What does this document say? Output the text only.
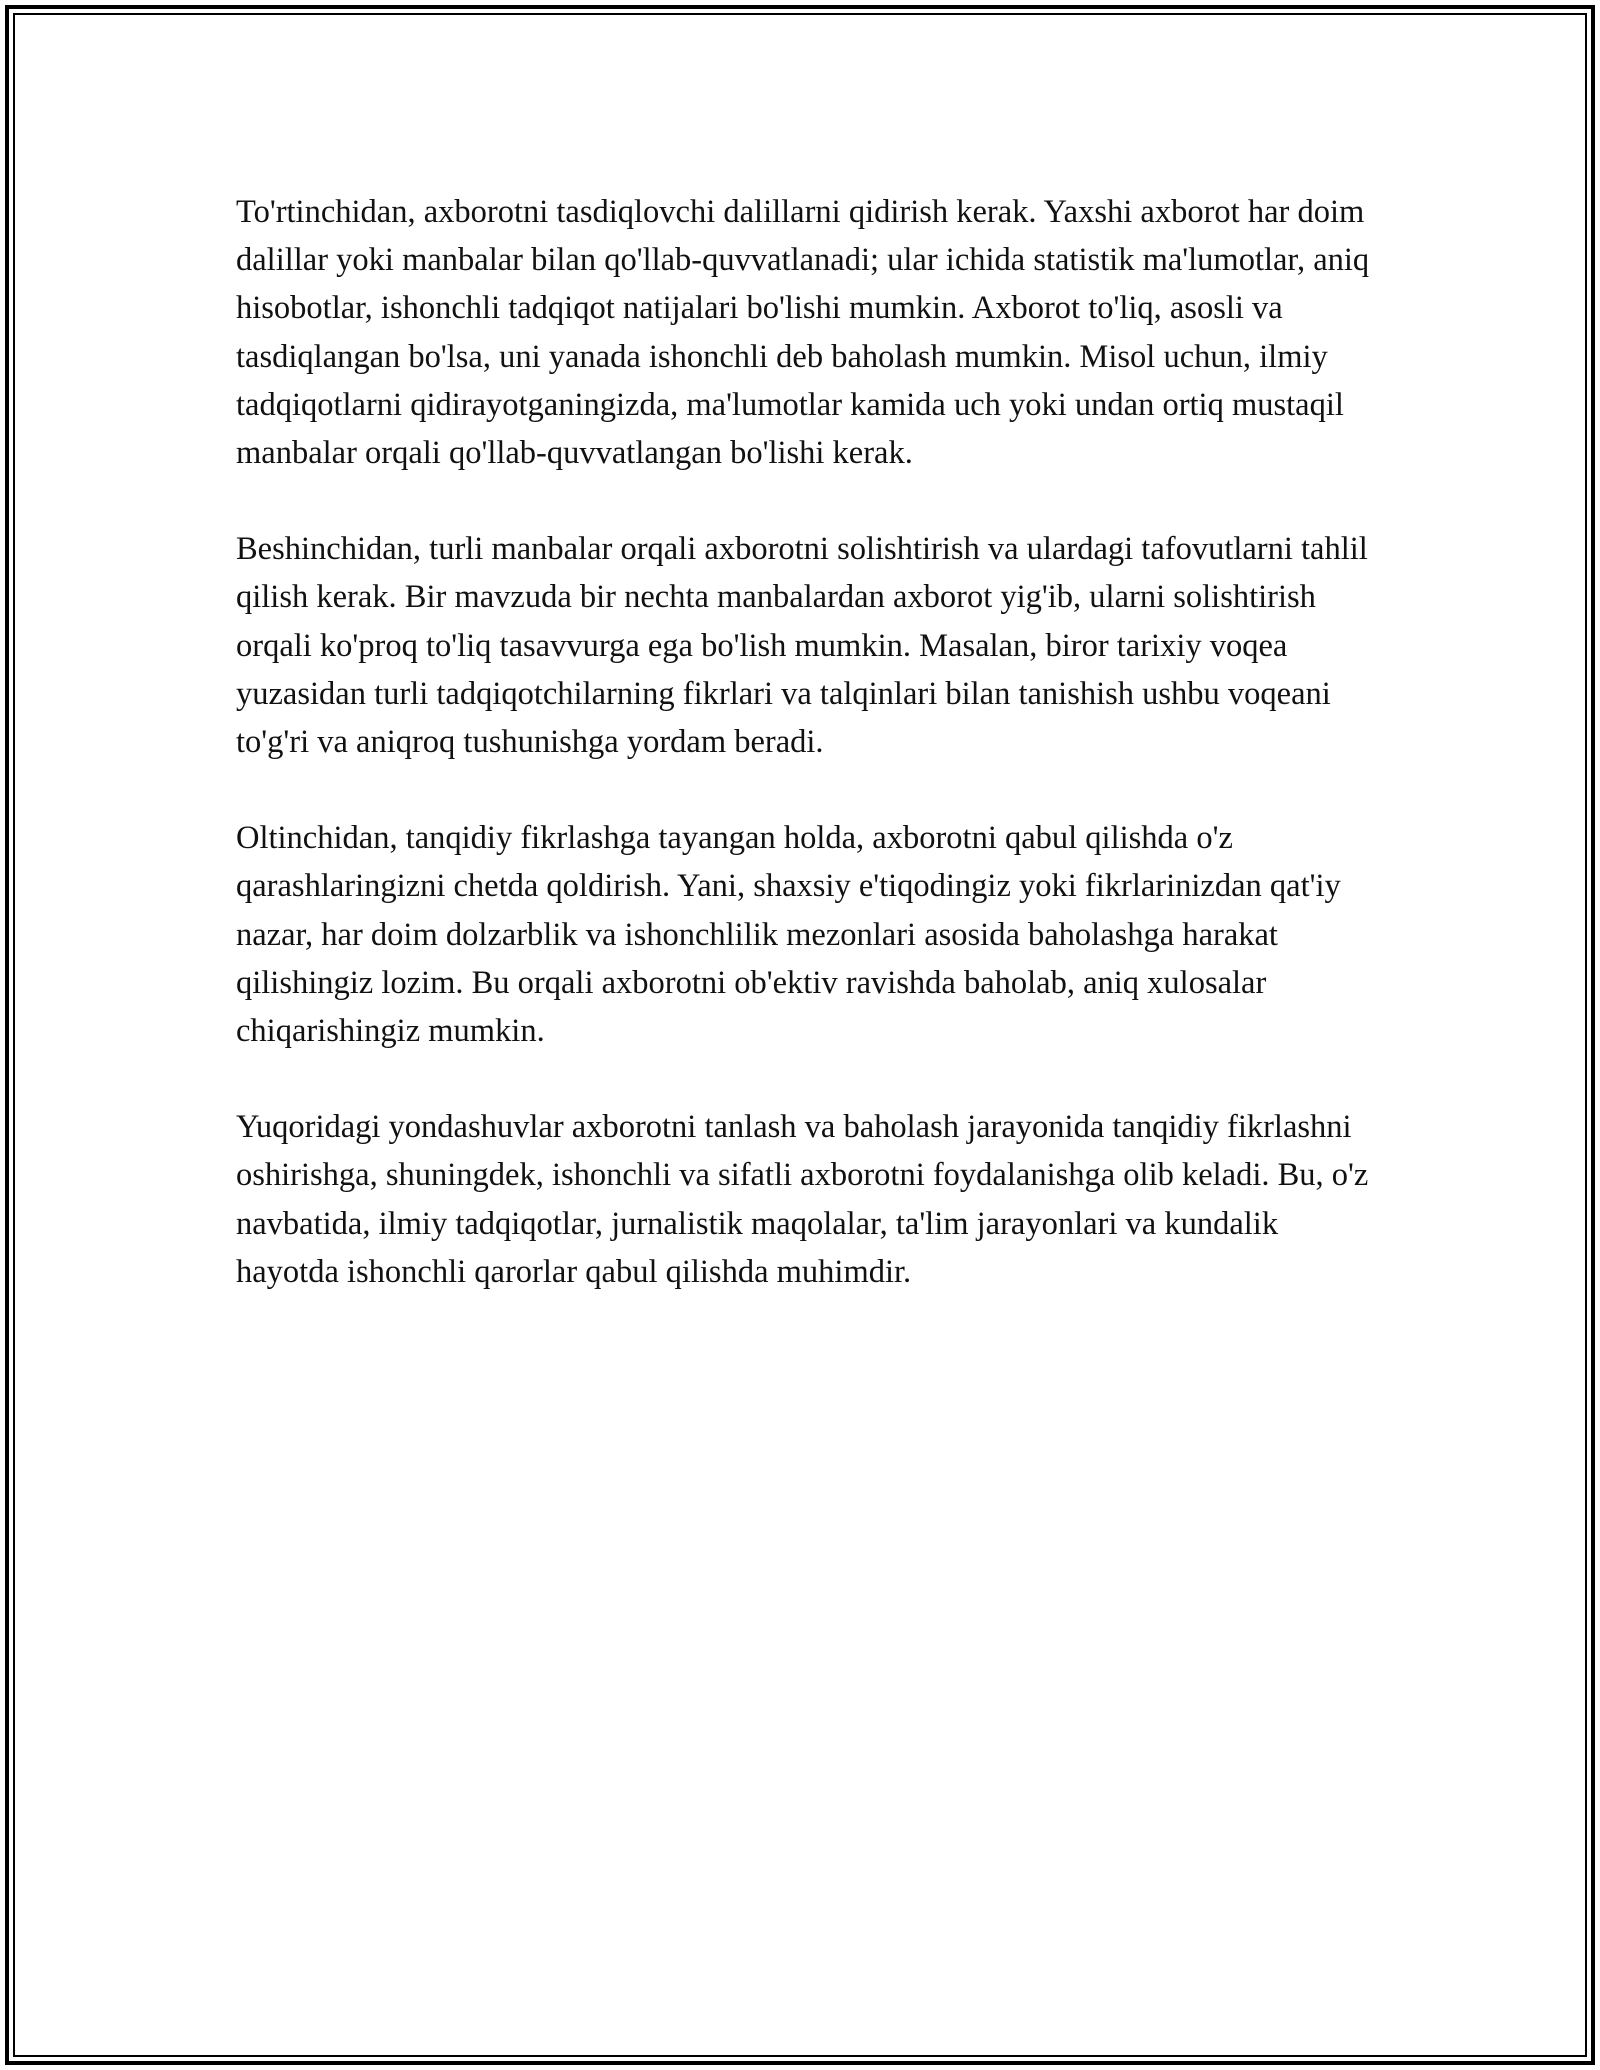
To'rtinchidan, axborotni tasdiqlovchi dalillarni qidirish kerak. Yaxshi axborot har doim dalillar yoki manbalar bilan qo'llab-quvvatlanadi; ular ichida statistik ma'lumotlar, aniq hisobotlar, ishonchli tadqiqot natijalari bo'lishi mumkin. Axborot to'liq, asosli va tasdiqlangan bo'lsa, uni yanada ishonchli deb baholash mumkin. Misol uchun, ilmiy tadqiqotlarni qidirayotganingizda, ma'lumotlar kamida uch yoki undan ortiq mustaqil manbalar orqali qo'llab-quvvatlangan bo'lishi kerak.

Beshinchidan, turli manbalar orqali axborotni solishtirish va ulardagi tafovutlarni tahlil qilish kerak. Bir mavzuda bir nechta manbalardan axborot yig'ib, ularni solishtirish orqali ko'proq to'liq tasavvurga ega bo'lish mumkin. Masalan, biror tarixiy voqea yuzasidan turli tadqiqotchilarning fikrlari va talqinlari bilan tanishish ushbu voqeani to'g'ri va aniqroq tushunishga yordam beradi.

Oltinchidan, tanqidiy fikrlashga tayangan holda, axborotni qabul qilishda o'z qarashlaringizni chetda qoldirish. Yani, shaxsiy e'tiqodingiz yoki fikrlarinizdan qat'iy nazar, har doim dolzarblik va ishonchlilik mezonlari asosida baholashga harakat qilishingiz lozim. Bu orqali axborotni ob'ektiv ravishda baholab, aniq xulosalar chiqarishingiz mumkin.

Yuqoridagi yondashuvlar axborotni tanlash va baholash jarayonida tanqidiy fikrlashni oshirishga, shuningdek, ishonchli va sifatli axborotni foydalanishga olib keladi. Bu, o'z navbatida, ilmiy tadqiqotlar, jurnalistik maqolalar, ta'lim jarayonlari va kundalik hayotda ishonchli qarorlar qabul qilishda muhimdir.
